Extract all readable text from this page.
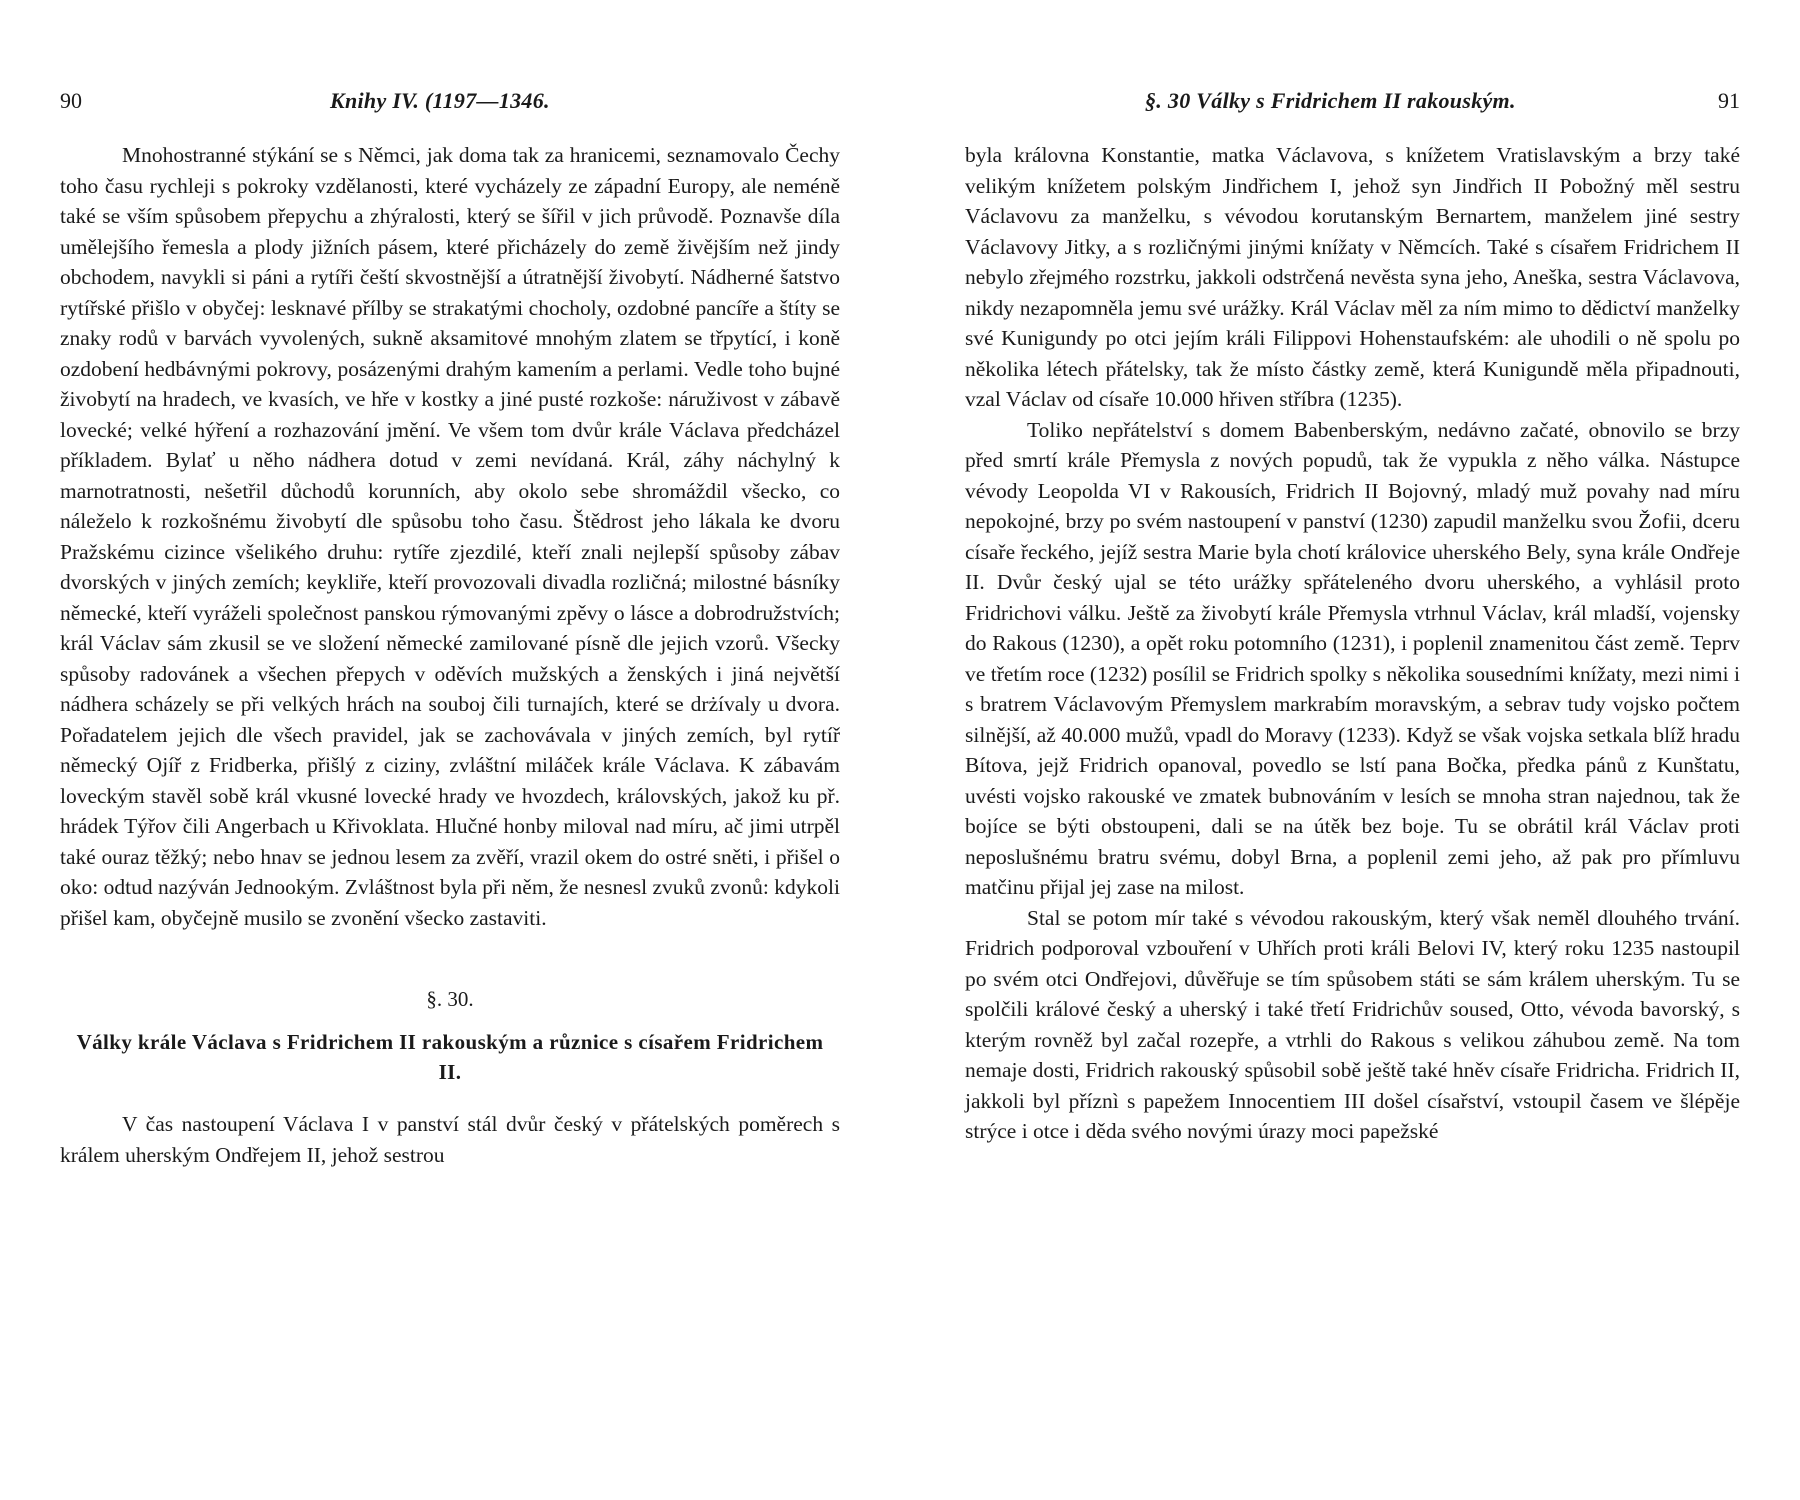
90	Knihy IV. (1197—1346.

Mnohostranné stýkání se s Němci, jak doma tak za hranicemi, seznamovalo Čechy toho času rychleji s pokroky vzdělanosti, které vycházely ze západní Europy, ale neméně také se vším spůsobem přepychu a zhýralosti, který se šířil v jich průvodě. Poznavše díla umělejšího řemesla a plody jižních pásem, které přicházely do země živějším než jindy obchodem, navykli si páni a rytíři čeští skvostnější a útratnější živobytí. Nádherné šatstvo rytířské přišlo v obyčej: lesknavé přílby se strakatými chocholy, ozdobné pancíře a štíty se znaky rodů v barvách vyvolených, sukně aksamitové mnohým zlatem se třpytící, i koně ozdobení hedbávnými pokrovy, posázenými drahým kamením a perlami. Vedle toho bujné živobytí na hradech, ve kvasích, ve hře v kostky a jiné pusté rozkoše: náruživost v zábavě lovecké; velké hýření a rozhazování jmění. Ve všem tom dvůr krále Václava předcházel příkladem. Bylať u něho nádhera dotud v zemi nevídaná. Král, záhy náchylný k marnotratnosti, nešetřil důchodů korunních, aby okolo sebe shromáždil všecko, co náleželo k rozkošnému živobytí dle spůsobu toho času. Štědrost jeho lákala ke dvoru Pražskému cizince všelikého druhu: rytíře zjezdilé, kteří znali nejlepší spůsoby zábav dvorských v jiných zemích; keykliře, kteří provozovali divadla rozličná; milostné básníky německé, kteří vyráželi společnost panskou rýmovanými zpěvy o lásce a dobrodružstvích; král Václav sám zkusil se ve složení německé zamilované písně dle jejich vzorů. Všecky spůsoby radovánek a všechen přepych v oděvích mužských a ženských i jiná největší nádhera scházely se při velkých hrách na souboj čili turnajích, které se drżívaly u dvora. Pořadatelem jejich dle všech pravidel, jak se zachovávala v jiných zemích, byl rytíř německý Ojíř z Fridberka, přišlý z ciziny, zvláštní miláček krále Václava. K zábavám loveckým stavěl sobě král vkusné lovecké hrady ve hvozdech, královských, jakož ku př. hrádek Týřov čili Angerbach u Křivoklata. Hlučné honby miloval nad míru, ač jimi utrpěl také ouraz těžký; nebo hnav se jednou lesem za zvěří, vrazil okem do ostré sněti, i přišel o oko: odtud nazýván Jednookým. Zvláštnost byla při něm, že nesnesl zvuků zvonů: kdykoli přišel kam, obyčejně musilo se zvonění všecko zastaviti.

§. 30.
Války krále Václava s Fridrichem II rakouským a různice s císařem Fridrichem II.

V čas nastoupení Václava I v panství stál dvůr český v přátelských poměrech s králem uherským Ondřejem II, jehož sestrou

§. 30 Války s Fridrichem II rakouským.	91

byla královna Konstantie, matka Václavova, s knížetem Vratislavským a brzy také velikým knížetem polským Jindřichem I, jehož syn Jindřich II Pobožný měl sestru Václavovu za manželku, s vévodou korutanským Bernartem, manželem jiné sestry Václavovy Jitky, a s rozličnými jinými knížaty v Němcích. Také s císařem Fridrichem II nebylo zřejmého rozstrku, jakkoli odstrčená nevěsta syna jeho, Aneška, sestra Václavova, nikdy nezapomněla jemu své urážky. Král Václav měl za ním mimo to dědictví manželky své Kunigundy po otci jejím králi Filippovi Hohenstaufském: ale uhodili o ně spolu po několika létech přátelsky, tak že místo částky země, která Kunigundě měla připadnouti, vzal Václav od císaře 10.000 hřiven stříbra (1235).

Toliko nepřátelství s domem Babenberským, nedávno začaté, obnovilo se brzy před smrtí krále Přemysla z nových popudů, tak že vypukla z něho válka. Nástupce vévody Leopolda VI v Rakousích, Fridrich II Bojovný, mladý muž povahy nad míru nepokojné, brzy po svém nastoupení v panství (1230) zapudil manželku svou Žofii, dceru císaře řeckého, jejíž sestra Marie byla chotí královice uherského Bely, syna krále Ondřeje II. Dvůr český ujal se této urážky spřáteleného dvoru uherského, a vyhlásil proto Fridrichovi válku. Ještě za živobytí krále Přemysla vtrhnul Václav, král mladší, vojensky do Rakous (1230), a opět roku potomního (1231), i poplenil znamenitou část země. Teprv ve třetím roce (1232) posílil se Fridrich spolky s několika sousedními knížaty, mezi nimi i s bratrem Václavovým Přemyslem markrabím moravským, a sebrav tudy vojsko počtem silnější, až 40.000 mužů, vpadl do Moravy (1233). Když se však vojska setkala blíž hradu Bítova, jejž Fridrich opanoval, povedlo se lstí pana Bočka, předka pánů z Kunštatu, uvésti vojsko rakouské ve zmatek bubnováním v lesích se mnoha stran najednou, tak že bojíce se býti obstoupeni, dali se na útěk bez boje. Tu se obrátil král Václav proti neposlušnému bratru svému, dobyl Brna, a poplenil zemi jeho, až pak pro přímluvu matčinu přijal jej zase na milost.

Stal se potom mír také s vévodou rakouským, který však neměl dlouhého trvání. Fridrich podporoval vzbouření v Uhřích proti králi Belovi IV, který roku 1235 nastoupil po svém otci Ondřejovi, důvěřuje se tím spůsobem státi se sám králem uherským. Tu se spolčili králové český a uherský i také třetí Fridrichův soused, Otto, vévoda bavorský, s kterým rovněž byl začal rozepře, a vtrhli do Rakous s velikou záhubou země. Na tom nemaje dosti, Fridrich rakouský spůsobil sobě ještě také hněv císaře Fridricha. Fridrich II, jakkoli byl příznì s papežem Innocentiem III došel císařství, vstoupil časem ve šlépěje strýce i otce i děda svého novými úrazy moci papežské
